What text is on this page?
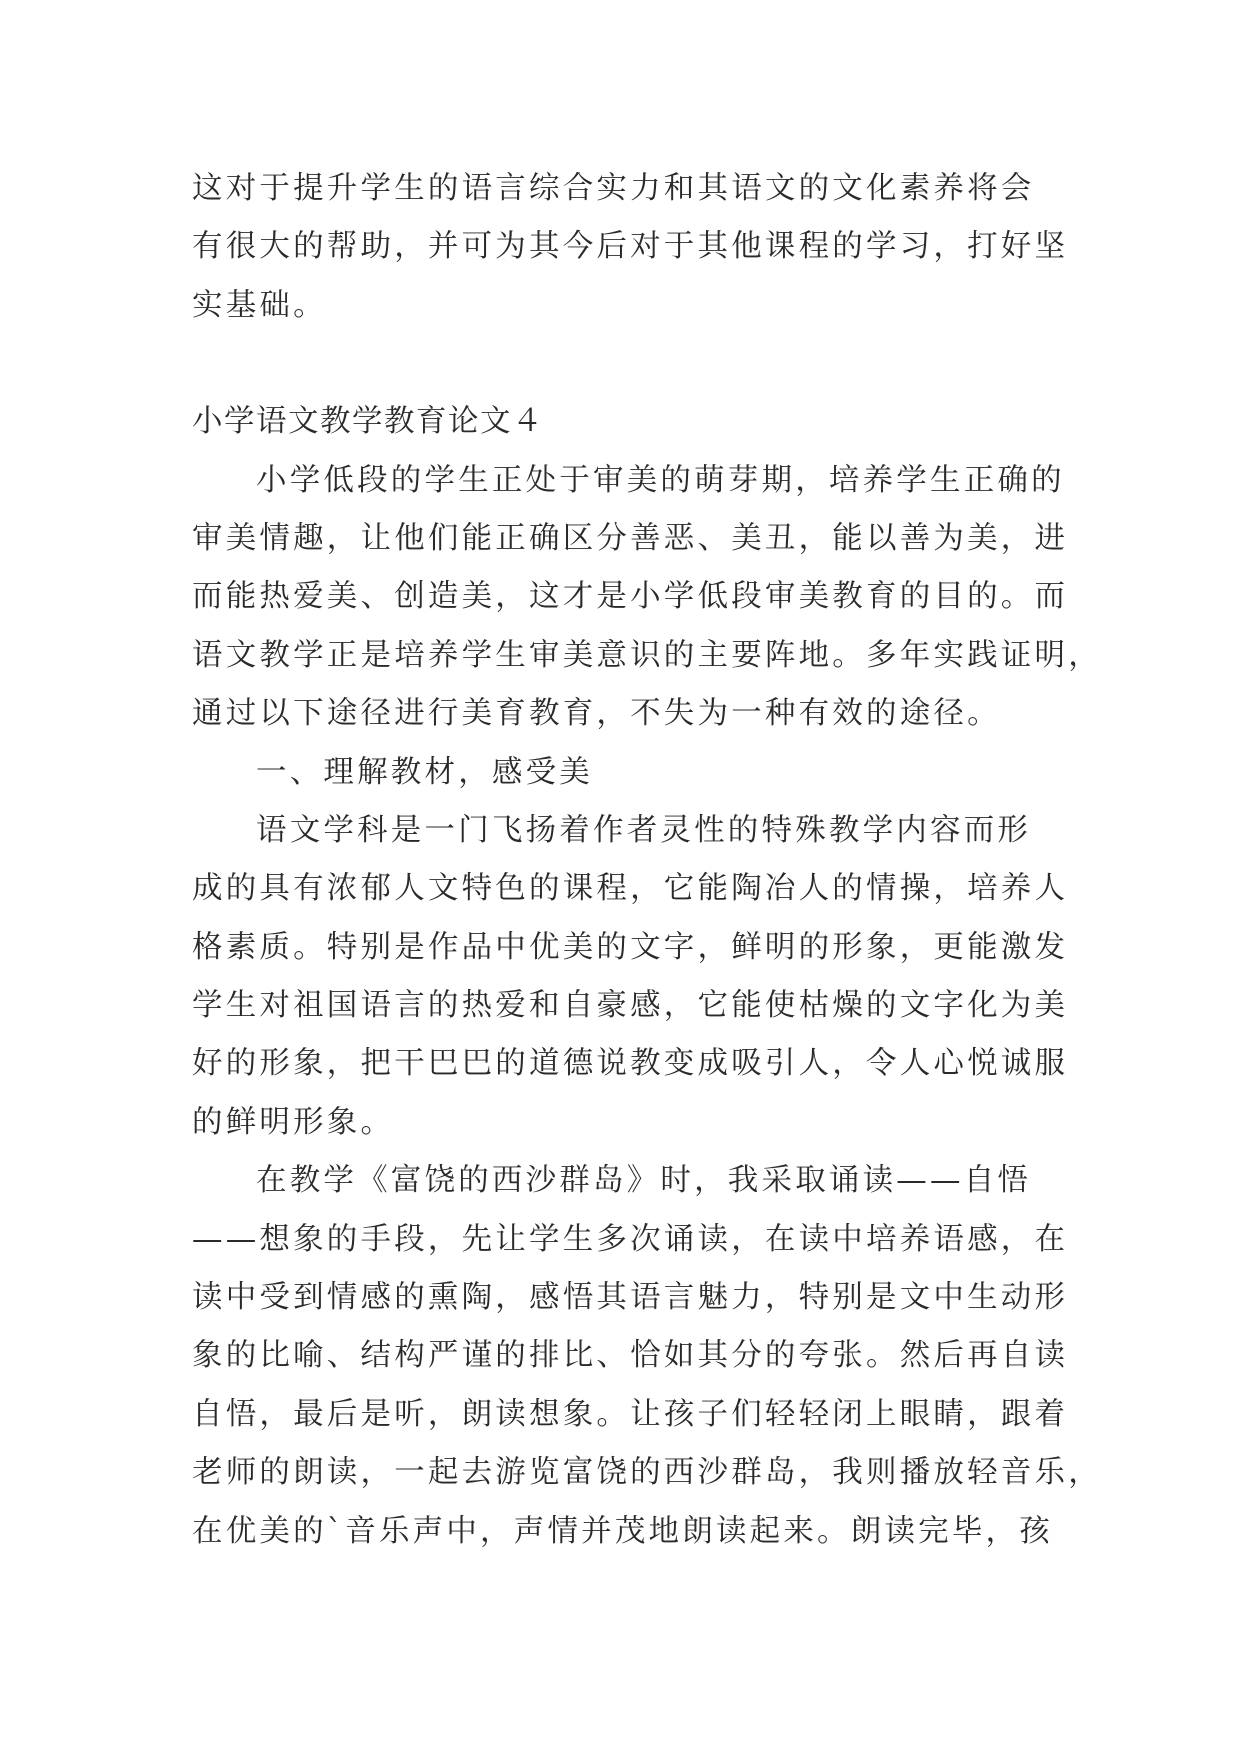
这对于提升学生的语言综合实力和其语文的文化素养将会
有很大的帮助，并可为其今后对于其他课程的学习，打好坚
实基础。
小学语文教学教育论文４
小学低段的学生正处于审美的萌芽期，培养学生正确的
审美情趣，让他们能正确区分善恶、美丑，能以善为美，进
而能热爱美、创造美，这才是小学低段审美教育的目的。而
语文教学正是培养学生审美意识的主要阵地。多年实践证明，
通过以下途径进行美育教育，不失为一种有效的途径。
一、理解教材，感受美
语文学科是一门飞扬着作者灵性的特殊教学内容而形
成的具有浓郁人文特色的课程，它能陶冶人的情操，培养人
格素质。特别是作品中优美的文字，鲜明的形象，更能激发
学生对祖国语言的热爱和自豪感，它能使枯燥的文字化为美
好的形象，把干巴巴的道德说教变成吸引人，令人心悦诚服
的鲜明形象。
在教学《富饶的西沙群岛》时，我采取诵读——自悟
——想象的手段，先让学生多次诵读，在读中培养语感，在
读中受到情感的熏陶，感悟其语言魅力，特别是文中生动形
象的比喻、结构严谨的排比、恰如其分的夸张。然后再自读
自悟，最后是听，朗读想象。让孩子们轻轻闭上眼睛，跟着
老师的朗读，一起去游览富饶的西沙群岛，我则播放轻音乐，
在优美的`音乐声中，声情并茂地朗读起来。朗读完毕，孩
